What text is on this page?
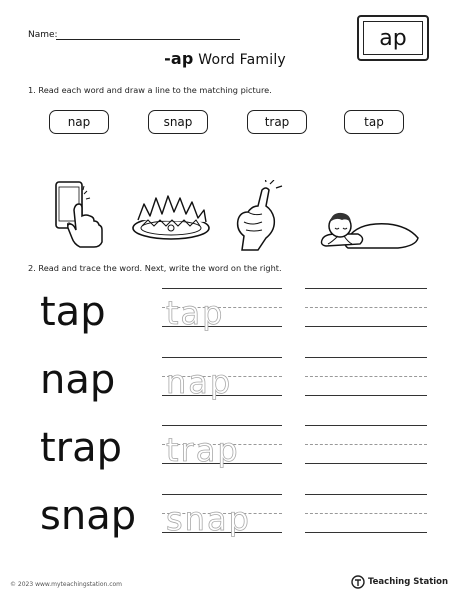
Name:
-ap Word Family
ap
1. Read each word and draw a line to the matching picture.
nap	snap	trap	tap
2. Read and trace the word. Next, write the word on the right.
tap tap
nap nap
trap trap
snap snap
© 2023 www.myteachingstation.com	Teaching Station
